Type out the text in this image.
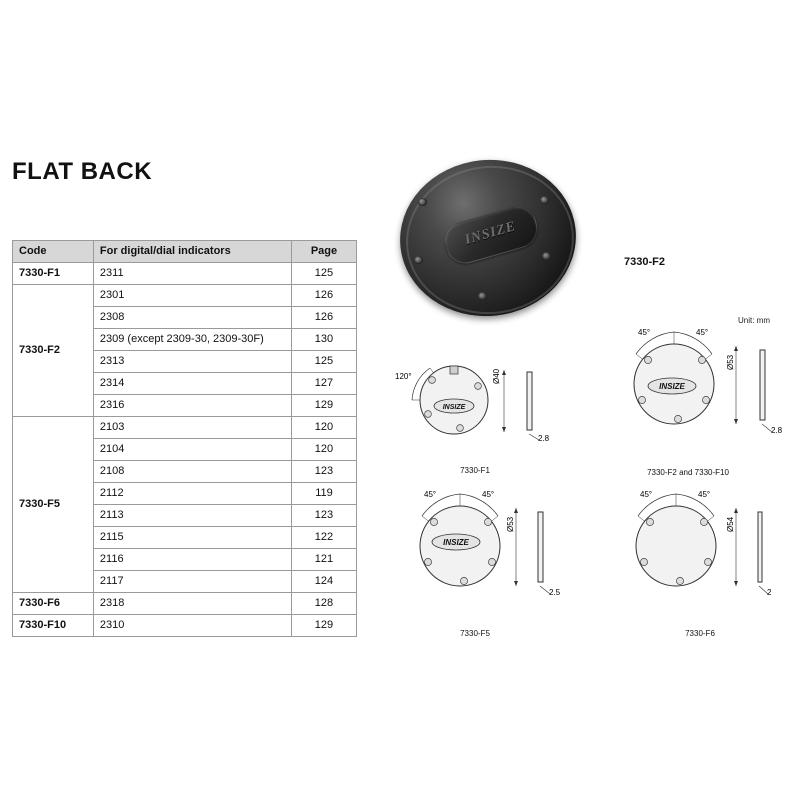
FLAT BACK
Code	For digital/dial indicators	Page
7330-F1	2311	125
7330-F2	2301	126
	2308	126
	2309 (except 2309-30, 2309-30F)	130
	2313	125
	2314	127
	2316	129
7330-F5	2103	120
	2104	120
	2108	123
	2112	119
	2113	123
	2115	122
	2116	121
	2117	124
7330-F6	2318	128
7330-F10	2310	129
INSIZE
7330-F2
Unit: mm
INSIZE
Ø40
120°
2.8
7330-F1
INSIZE
45°	45°
Ø53
2.8
7330-F2 and 7330-F10
INSIZE
45°	45°
Ø53
2.5
7330-F5
45°	45°
Ø54
2
7330-F6
